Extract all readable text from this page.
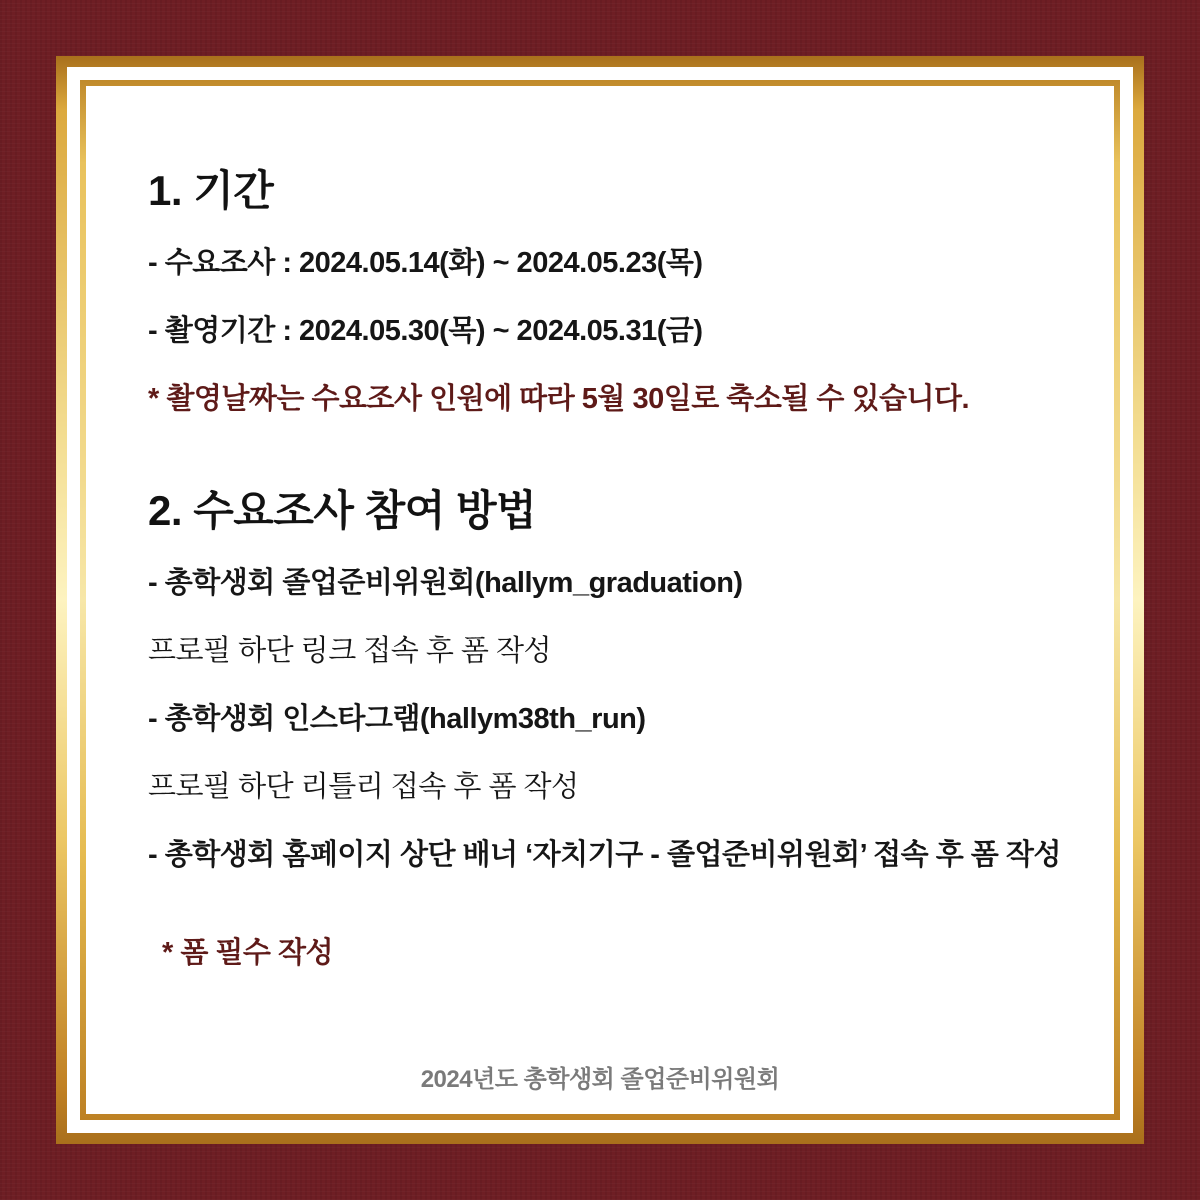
1. 기간
- 수요조사 : 2024.05.14(화) ~ 2024.05.23(목)
- 촬영기간 : 2024.05.30(목) ~ 2024.05.31(금)
* 촬영날짜는 수요조사 인원에 따라 5월 30일로 축소될 수 있습니다.
2. 수요조사 참여 방법
- 총학생회 졸업준비위원회(hallym_graduation)
프로필 하단 링크 접속 후 폼 작성
- 총학생회 인스타그램(hallym38th_run)
프로필 하단 리틀리 접속 후 폼 작성
- 총학생회 홈페이지 상단 배너 ‘자치기구 - 졸업준비위원회’ 접속 후 폼 작성
* 폼 필수 작성
2024년도 총학생회 졸업준비위원회
